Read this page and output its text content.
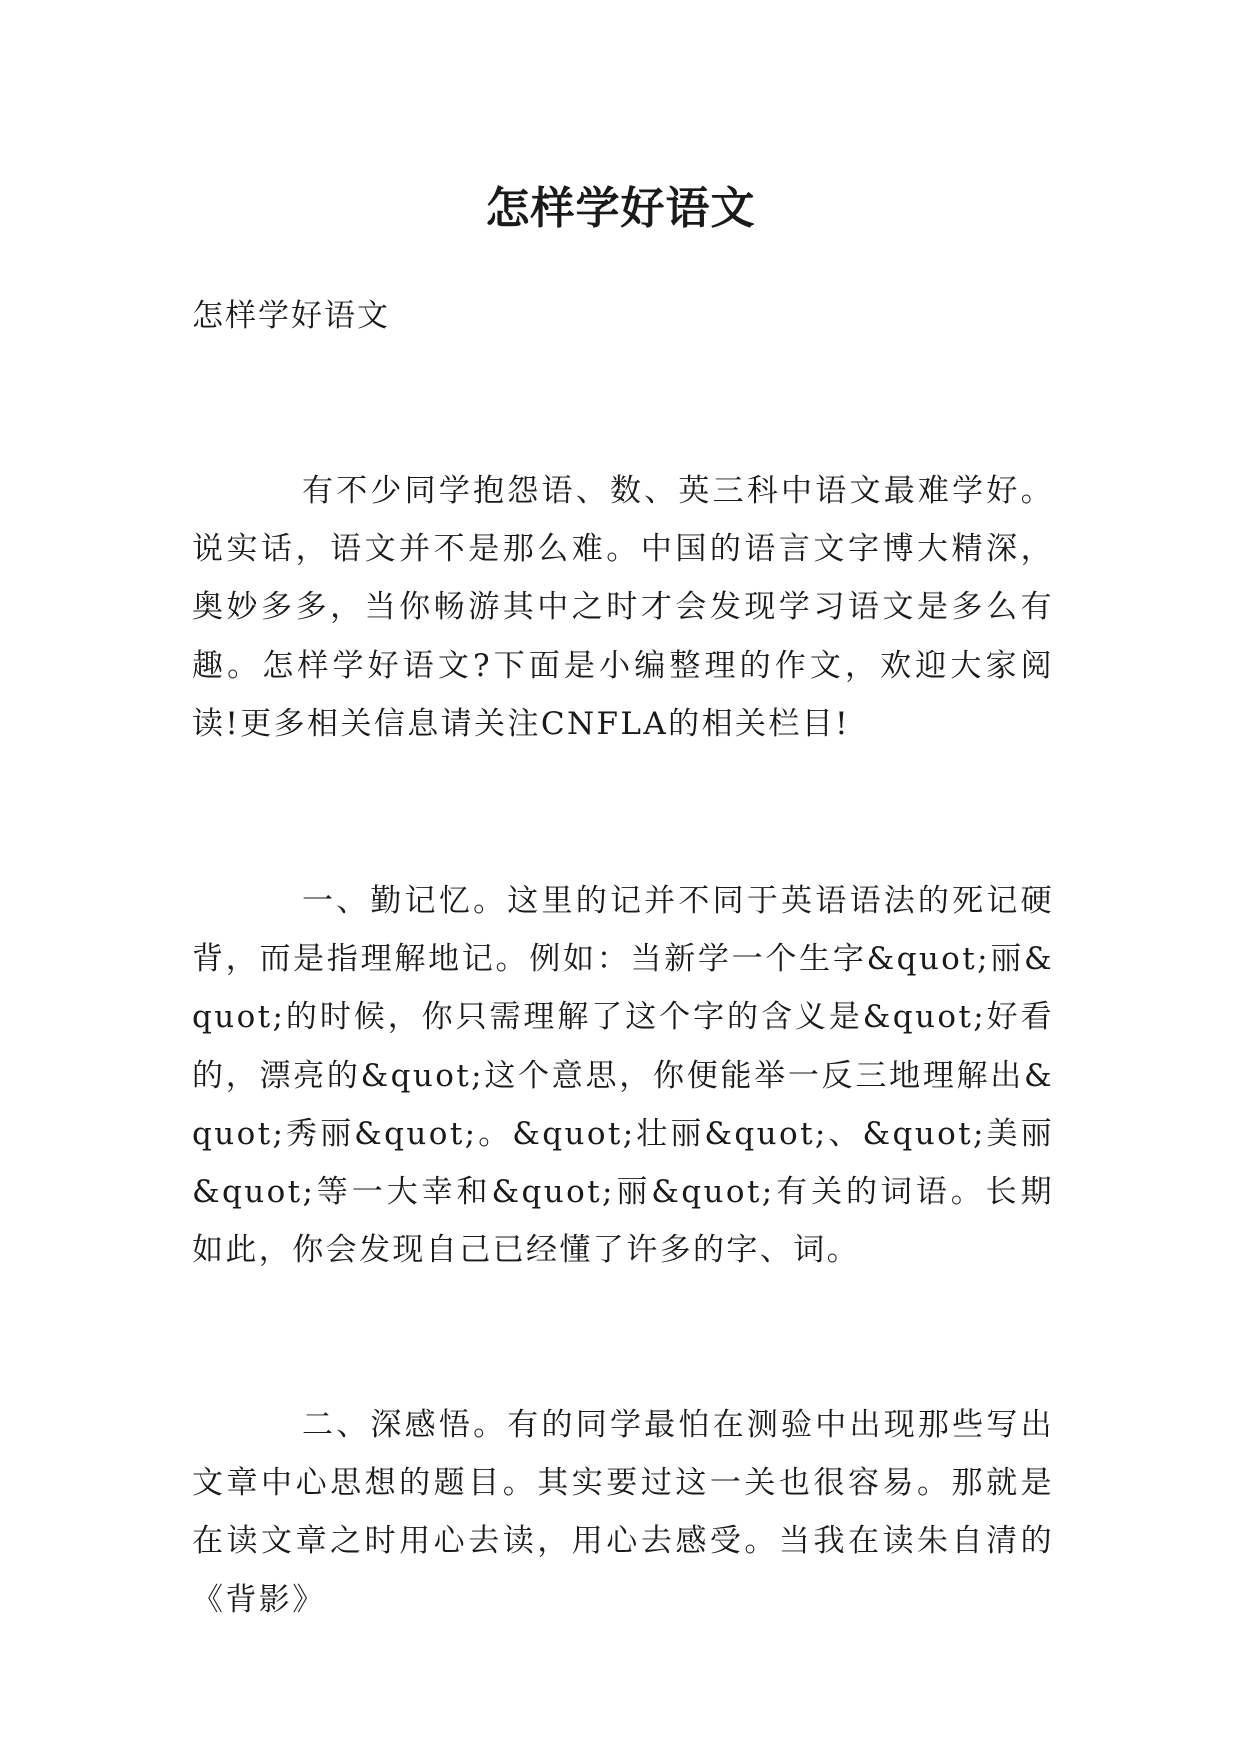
怎样学好语文
怎样学好语文

有不少同学抱怨语、数、英三科中语文最难学好。说实话，语文并不是那么难。中国的语言文字博大精深，奥妙多多，当你畅游其中之时才会发现学习语文是多么有趣。怎样学好语文?下面是小编整理的作文，欢迎大家阅读!更多相关信息请关注CNFLA的相关栏目!

一、勤记忆。这里的记并不同于英语语法的死记硬背，而是指理解地记。例如：当新学一个生字&quot;丽&quot;的时候，你只需理解了这个字的含义是&quot;好看的，漂亮的&quot;这个意思，你便能举一反三地理解出&quot;秀丽&quot;。&quot;壮丽&quot;、&quot;美丽&quot;等一大幸和&quot;丽&quot;有关的词语。长期如此，你会发现自己已经懂了许多的字、词。

二、深感悟。有的同学最怕在测验中出现那些写出文章中心思想的题目。其实要过这一关也很容易。那就是在读文章之时用心去读，用心去感受。当我在读朱自清的《背影》
